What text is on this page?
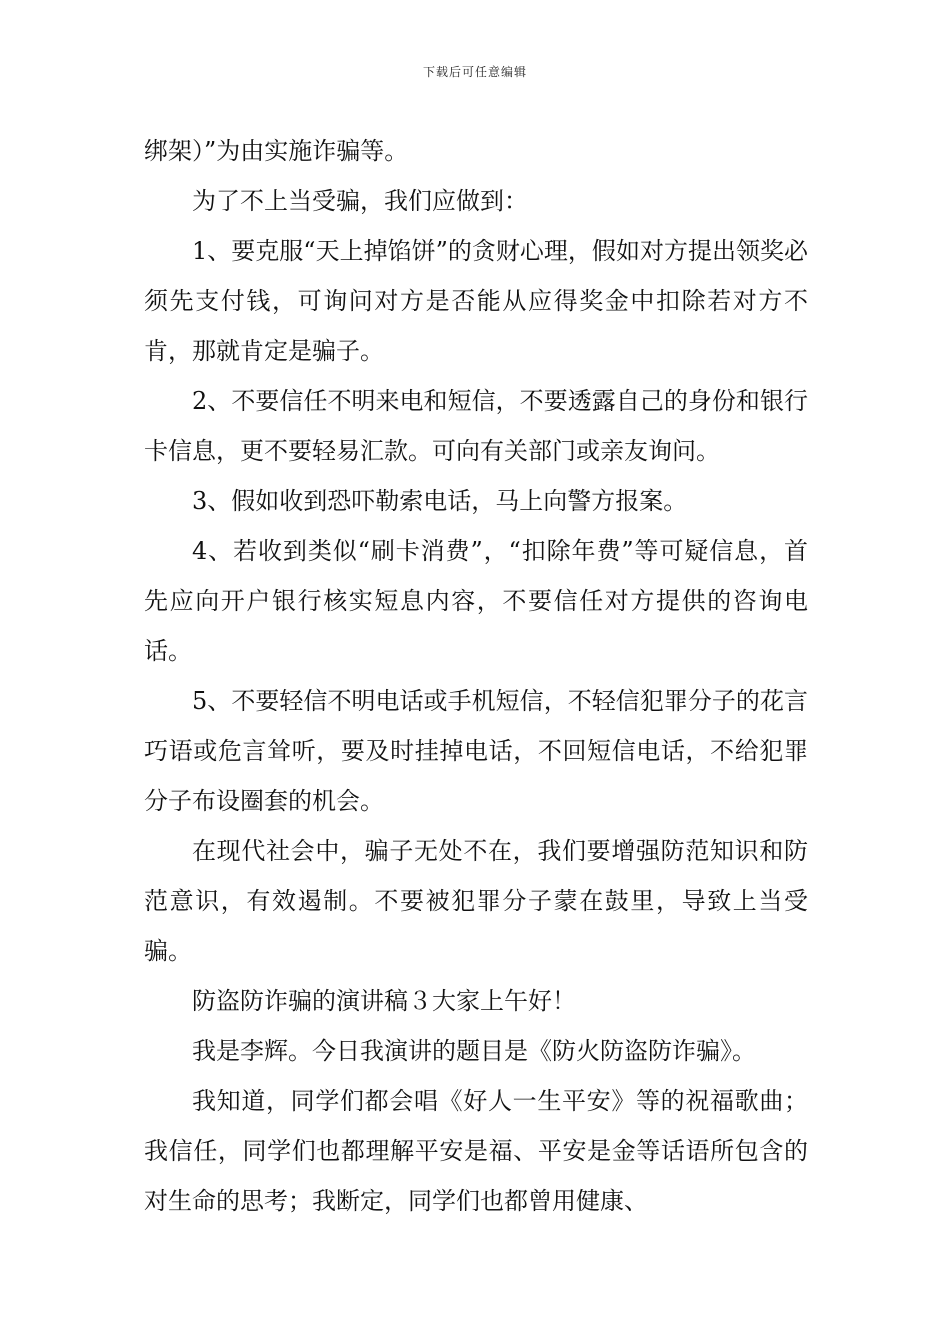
下载后可任意编辑

绑架）”为由实施诈骗等。

为了不上当受骗，我们应做到：

1、要克服“天上掉馅饼”的贪财心理，假如对方提出领奖必须先支付钱，可询问对方是否能从应得奖金中扣除若对方不肯，那就肯定是骗子。

2、不要信任不明来电和短信，不要透露自己的身份和银行卡信息，更不要轻易汇款。可向有关部门或亲友询问。

3、假如收到恐吓勒索电话，马上向警方报案。

4、若收到类似“刷卡消费”，“扣除年费”等可疑信息，首先应向开户银行核实短息内容，不要信任对方提供的咨询电话。

5、不要轻信不明电话或手机短信，不轻信犯罪分子的花言巧语或危言耸听，要及时挂掉电话，不回短信电话，不给犯罪分子布设圈套的机会。

在现代社会中，骗子无处不在，我们要增强防范知识和防范意识，有效遏制。不要被犯罪分子蒙在鼓里，导致上当受骗。

防盗防诈骗的演讲稿３大家上午好！

我是李辉。今日我演讲的题目是《防火防盗防诈骗》。

我知道，同学们都会唱《好人一生平安》等的祝福歌曲；我信任，同学们也都理解平安是福、平安是金等话语所包含的对生命的思考；我断定，同学们也都曾用健康、
